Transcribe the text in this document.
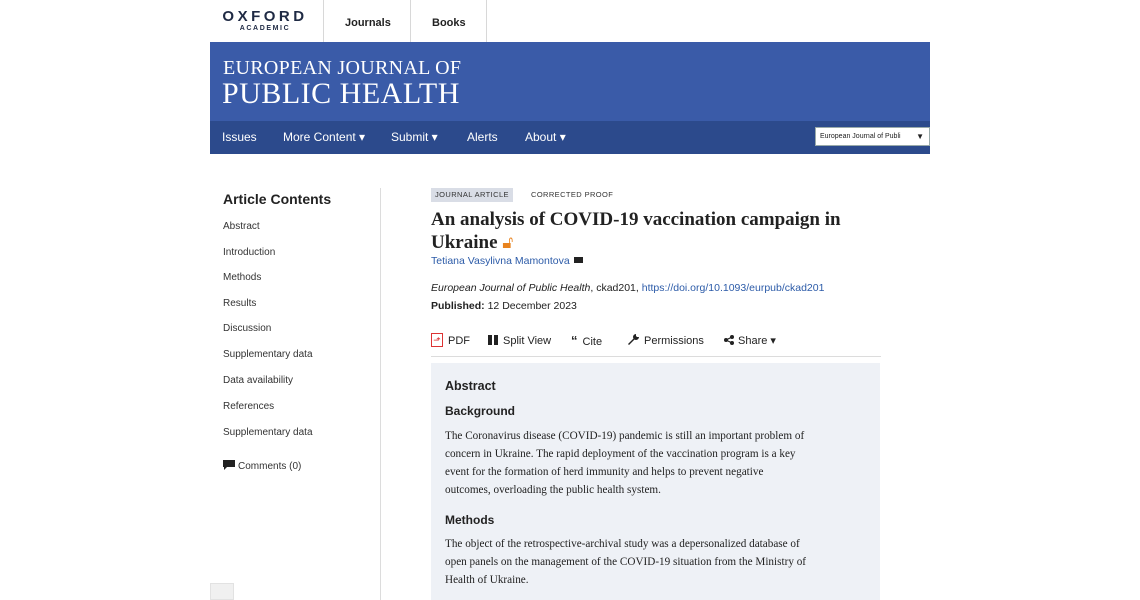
OXFORD
ACADEMIC	Journals	Books
EUROPEAN JOURNAL OF
PUBLIC HEALTH
Issues More Content ▾ Submit ▾ Alerts About ▾	European Journal of Publi ▼
Article Contents
Abstract
Introduction
Methods
Results
Discussion
Supplementary data
Data availability
References
Supplementary data
Comments (0)
JOURNAL ARTICLE	CORRECTED PROOF
An analysis of COVID-19 vaccination campaign in Ukraine 🔓︎
Tetiana Vasylivna Mamontova
European Journal of Public Health, ckad201, https://doi.org/10.1093/eurpub/ckad201
Published: 12 December 2023
⬏ PDF	Split View “ Cite	Permissions	Share ▾
Abstract
Background
The Coronavirus disease (COVID-19) pandemic is still an important problem of
concern in Ukraine. The rapid deployment of the vaccination program is a key
event for the formation of herd immunity and helps to prevent negative
outcomes, overloading the public health system.
Methods
The object of the retrospective-archival study was a depersonalized database of
open panels on the management of the COVID-19 situation from the Ministry of
Health of Ukraine.
